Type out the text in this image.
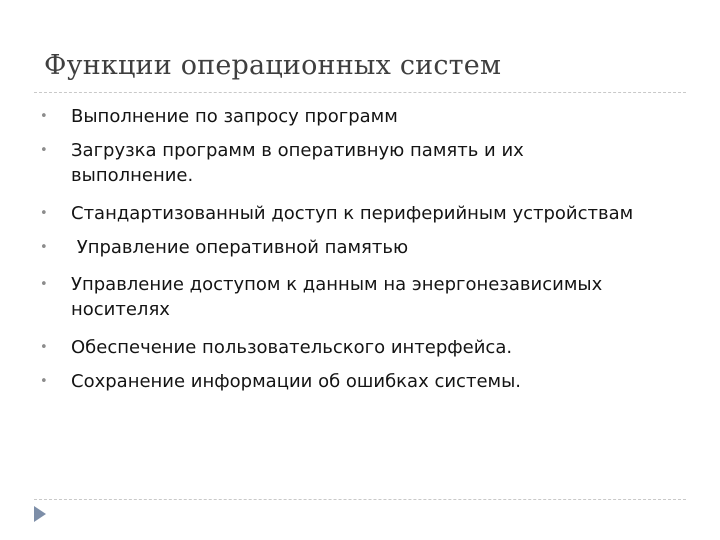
Функции операционных систем
• Выполнение по запросу программ
• Загрузка программ в оперативную память и их
выполнение.
• Стандартизованный доступ к периферийным устройствам
• Управление оперативной памятью
• Управление доступом к данным на энергонезависимых
носителях
• Обеспечение пользовательского интерфейса.
• Сохранение информации об ошибках системы.
